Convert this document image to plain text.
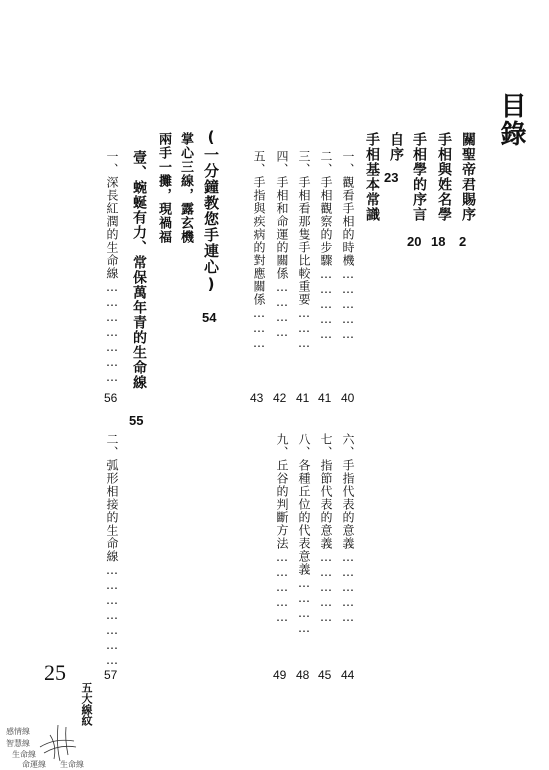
目錄
關聖帝君賜序
2
手相與姓名學
18
手相學的序言
20
自序
23
手相基本常識
一、觀看手相的時機……………
40
二、手相觀察的步驟……………
41
三、手相看那隻手比較重要………
41
四、手相和命運的關係…………
42
五、手指與疾病的對應關係………
43
六、手指代表的意義……………
44
七、指節代表的意義……………
45
八、各種丘位的代表意義…………
48
九、丘谷的判斷方法……………
49
(一分鐘教您手連心)
54
掌心三線，露玄機
兩手一攤，現禍福
壹、蜿蜒有力、常保萬年青的生命線
55
一、深長紅潤的生命線…………………
56
二、弧形相接的生命線…………………
57
25
五大線紋
感情線
智慧線
生命線
命運線 生命線
